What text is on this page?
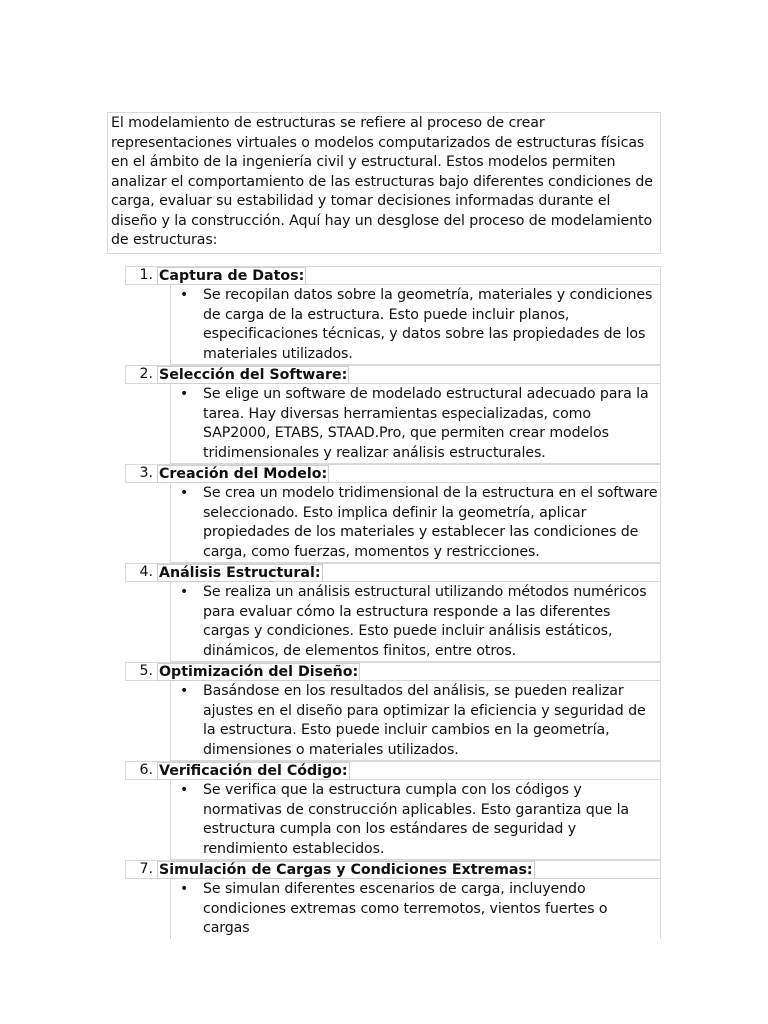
El modelamiento de estructuras se refiere al proceso de crear representaciones virtuales o modelos computarizados de estructuras físicas en el ámbito de la ingeniería civil y estructural. Estos modelos permiten analizar el comportamiento de las estructuras bajo diferentes condiciones de carga, evaluar su estabilidad y tomar decisiones informadas durante el diseño y la construcción. Aquí hay un desglose del proceso de modelamiento de estructuras:
1. Captura de Datos:
• Se recopilan datos sobre la geometría, materiales y condiciones de carga de la estructura. Esto puede incluir planos, especificaciones técnicas, y datos sobre las propiedades de los materiales utilizados.
2. Selección del Software:
• Se elige un software de modelado estructural adecuado para la tarea. Hay diversas herramientas especializadas, como SAP2000, ETABS, STAAD.Pro, que permiten crear modelos tridimensionales y realizar análisis estructurales.
3. Creación del Modelo:
• Se crea un modelo tridimensional de la estructura en el software seleccionado. Esto implica definir la geometría, aplicar propiedades de los materiales y establecer las condiciones de carga, como fuerzas, momentos y restricciones.
4. Análisis Estructural:
• Se realiza un análisis estructural utilizando métodos numéricos para evaluar cómo la estructura responde a las diferentes cargas y condiciones. Esto puede incluir análisis estáticos, dinámicos, de elementos finitos, entre otros.
5. Optimización del Diseño:
• Basándose en los resultados del análisis, se pueden realizar ajustes en el diseño para optimizar la eficiencia y seguridad de la estructura. Esto puede incluir cambios en la geometría, dimensiones o materiales utilizados.
6. Verificación del Código:
• Se verifica que la estructura cumpla con los códigos y normativas de construcción aplicables. Esto garantiza que la estructura cumpla con los estándares de seguridad y rendimiento establecidos.
7. Simulación de Cargas y Condiciones Extremas:
• Se simulan diferentes escenarios de carga, incluyendo condiciones extremas como terremotos, vientos fuertes o cargas
